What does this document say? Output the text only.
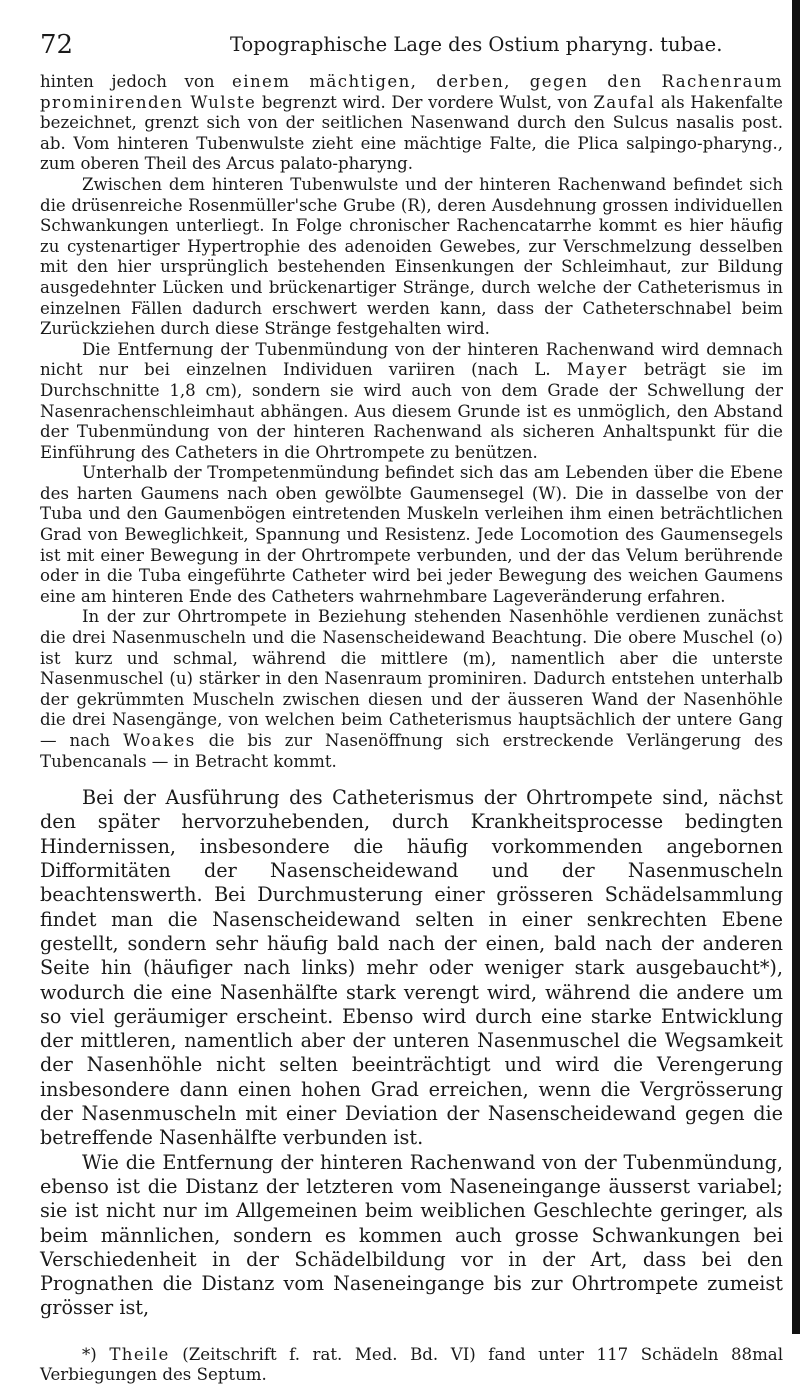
72	Topographische Lage des Ostium pharyng. tubae.

hinten jedoch von einem mächtigen, derben, gegen den Rachenraum prominirenden Wulste begrenzt wird. Der vordere Wulst, von Zaufal als Hakenfalte bezeichnet, grenzt sich von der seitlichen Nasenwand durch den Sulcus nasalis post. ab. Vom hinteren Tubenwulste zieht eine mächtige Falte, die Plica salpingo-pharyng., zum oberen Theil des Arcus palato-pharyng.

Zwischen dem hinteren Tubenwulste und der hinteren Rachenwand befindet sich die drüsenreiche Rosenmüller'sche Grube (R), deren Ausdehnung grossen individuellen Schwankungen unterliegt. In Folge chronischer Rachencatarrhe kommt es hier häufig zu cystenartiger Hypertrophie des adenoiden Gewebes, zur Verschmelzung desselben mit den hier ursprünglich bestehenden Einsenkungen der Schleimhaut, zur Bildung ausgedehnter Lücken und brückenartiger Stränge, durch welche der Catheterismus in einzelnen Fällen dadurch erschwert werden kann, dass der Catheterschnabel beim Zurückziehen durch diese Stränge festgehalten wird.

Die Entfernung der Tubenmündung von der hinteren Rachenwand wird demnach nicht nur bei einzelnen Individuen variiren (nach L. Mayer beträgt sie im Durchschnitte 1,8 cm), sondern sie wird auch von dem Grade der Schwellung der Nasenrachenschleimhaut abhängen. Aus diesem Grunde ist es unmöglich, den Abstand der Tubenmündung von der hinteren Rachenwand als sicheren Anhaltspunkt für die Einführung des Catheters in die Ohrtrompete zu benützen.

Unterhalb der Trompetenmündung befindet sich das am Lebenden über die Ebene des harten Gaumens nach oben gewölbte Gaumensegel (W). Die in dasselbe von der Tuba und den Gaumenbögen eintretenden Muskeln verleihen ihm einen beträchtlichen Grad von Beweglichkeit, Spannung und Resistenz. Jede Locomotion des Gaumensegels ist mit einer Bewegung in der Ohrtrompete verbunden, und der das Velum berührende oder in die Tuba eingeführte Catheter wird bei jeder Bewegung des weichen Gaumens eine am hinteren Ende des Catheters wahrnehmbare Lageveränderung erfahren.

In der zur Ohrtrompete in Beziehung stehenden Nasenhöhle verdienen zunächst die drei Nasenmuscheln und die Nasenscheidewand Beachtung. Die obere Muschel (o) ist kurz und schmal, während die mittlere (m), namentlich aber die unterste Nasenmuschel (u) stärker in den Nasenraum prominiren. Dadurch entstehen unterhalb der gekrümmten Muscheln zwischen diesen und der äusseren Wand der Nasenhöhle die drei Nasengänge, von welchen beim Catheterismus hauptsächlich der untere Gang — nach Woakes die bis zur Nasenöffnung sich erstreckende Verlängerung des Tubencanals — in Betracht kommt.

Bei der Ausführung des Catheterismus der Ohrtrompete sind, nächst den später hervorzuhebenden, durch Krankheitsprocesse bedingten Hindernissen, insbesondere die häufig vorkommenden angebornen Difformitäten der Nasenscheidewand und der Nasenmuscheln beachtenswerth. Bei Durchmusterung einer grösseren Schädelsammlung findet man die Nasenscheidewand selten in einer senkrechten Ebene gestellt, sondern sehr häufig bald nach der einen, bald nach der anderen Seite hin (häufiger nach links) mehr oder weniger stark ausgebaucht*), wodurch die eine Nasenhälfte stark verengt wird, während die andere um so viel geräumiger erscheint. Ebenso wird durch eine starke Entwicklung der mittleren, namentlich aber der unteren Nasenmuschel die Wegsamkeit der Nasenhöhle nicht selten beeinträchtigt und wird die Verengerung insbesondere dann einen hohen Grad erreichen, wenn die Vergrösserung der Nasenmuscheln mit einer Deviation der Nasenscheidewand gegen die betreffende Nasenhälfte verbunden ist.

Wie die Entfernung der hinteren Rachenwand von der Tubenmündung, ebenso ist die Distanz der letzteren vom Naseneingange äusserst variabel; sie ist nicht nur im Allgemeinen beim weiblichen Geschlechte geringer, als beim männlichen, sondern es kommen auch grosse Schwankungen bei Verschiedenheit in der Schädelbildung vor in der Art, dass bei den Prognathen die Distanz vom Naseneingange bis zur Ohrtrompete zumeist grösser ist,

*) Theile (Zeitschrift f. rat. Med. Bd. VI) fand unter 117 Schädeln 88mal Verbiegungen des Septum.
